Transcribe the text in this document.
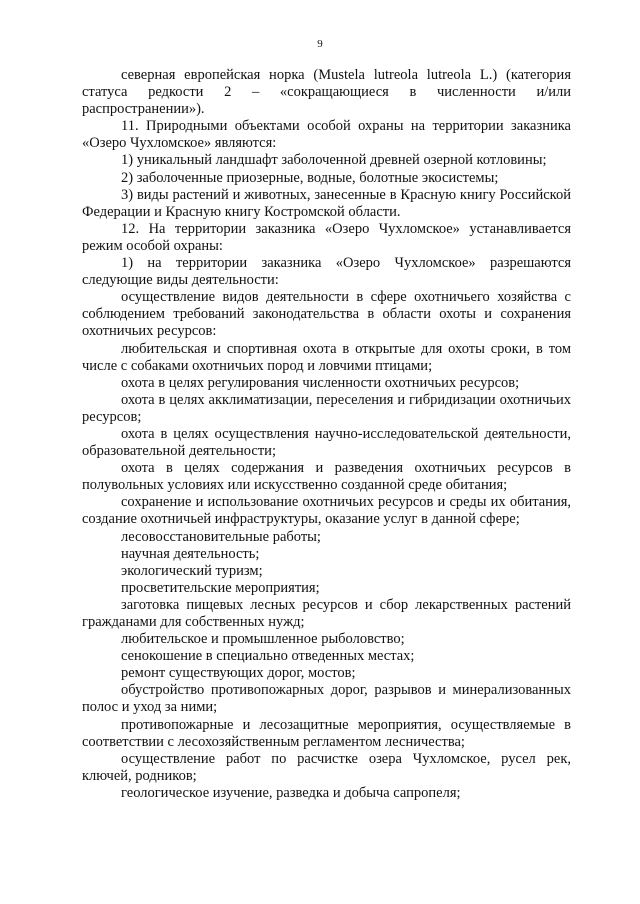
9

северная европейская норка (Mustela lutreola lutreola L.) (категория статуса редкости 2 – «сокращающиеся в численности и/или распространении»).

11. Природными объектами особой охраны на территории заказника «Озеро Чухломское» являются:

1) уникальный ландшафт заболоченной древней озерной котловины;

2) заболоченные приозерные, водные, болотные экосистемы;

3) виды растений и животных, занесенные в Красную книгу Российской Федерации и Красную книгу Костромской области.

12. На территории заказника «Озеро Чухломское» устанавливается режим особой охраны:

1) на территории заказника «Озеро Чухломское» разрешаются следующие виды деятельности:

осуществление видов деятельности в сфере охотничьего хозяйства с соблюдением требований законодательства в области охоты и сохранения охотничьих ресурсов:

любительская и спортивная охота в открытые для охоты сроки, в том числе с собаками охотничьих пород и ловчими птицами;

охота в целях регулирования численности охотничьих ресурсов;

охота в целях акклиматизации, переселения и гибридизации охотничьих ресурсов;

охота в целях осуществления научно-исследовательской деятельности, образовательной деятельности;

охота в целях содержания и разведения охотничьих ресурсов в полувольных условиях или искусственно созданной среде обитания;

сохранение и использование охотничьих ресурсов и среды их обитания, создание охотничьей инфраструктуры, оказание услуг в данной сфере;

лесовосстановительные работы;

научная деятельность;

экологический туризм;

просветительские мероприятия;

заготовка пищевых лесных ресурсов и сбор лекарственных растений гражданами для собственных нужд;

любительское и промышленное рыболовство;

сенокошение в специально отведенных местах;

ремонт существующих дорог, мостов;

обустройство противопожарных дорог, разрывов и минерализованных полос и уход за ними;

противопожарные и лесозащитные мероприятия, осуществляемые в соответствии с лесохозяйственным регламентом лесничества;

осуществление работ по расчистке озера Чухломское, русел рек, ключей, родников;

геологическое изучение, разведка и добыча сапропеля;
